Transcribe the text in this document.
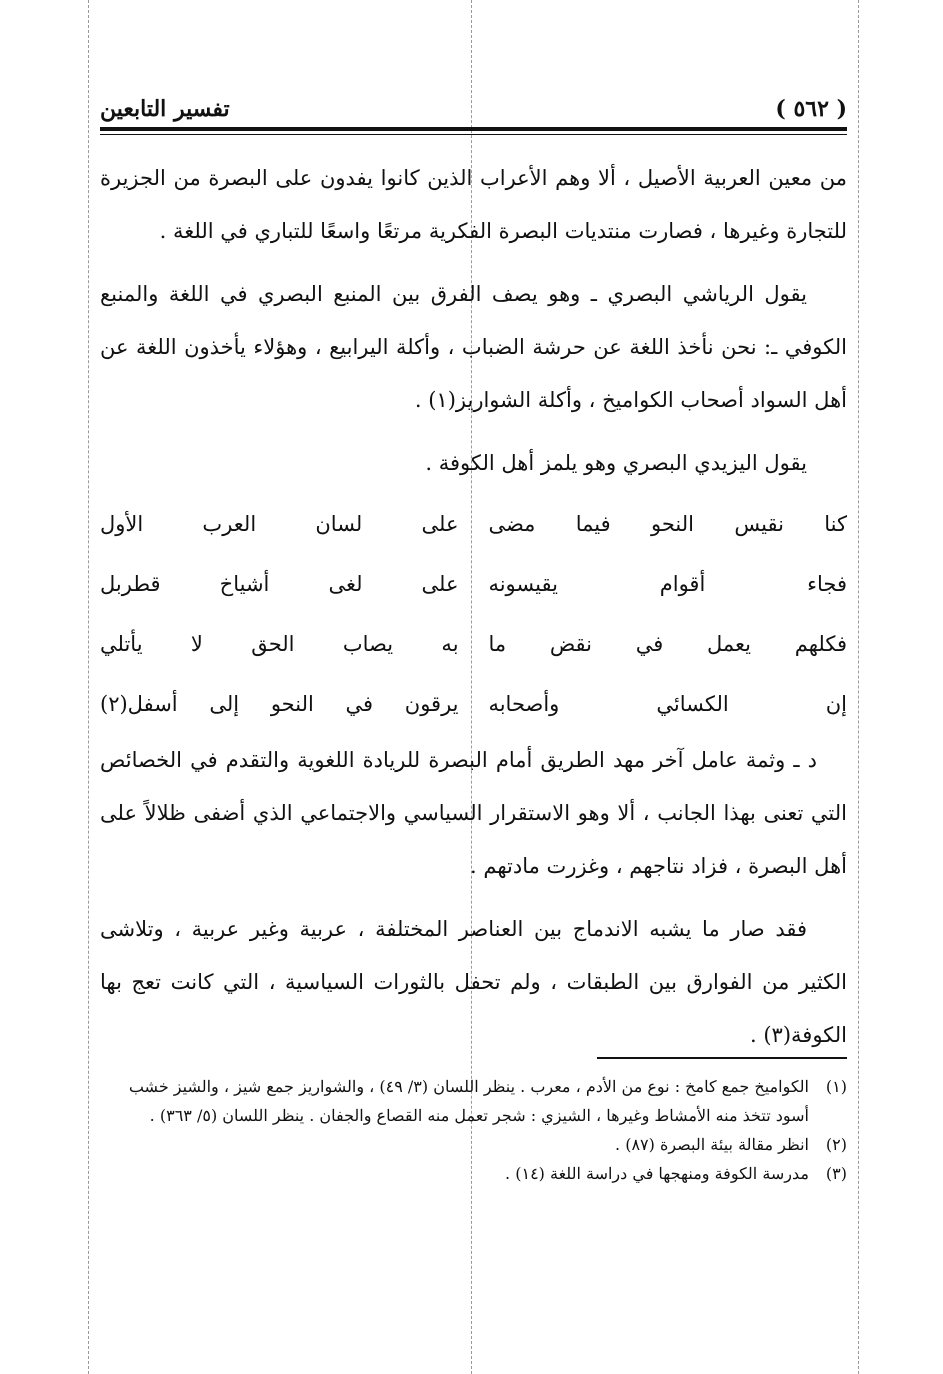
( ٥٦٢ )
تفسير التابعين

من معين العربية الأصيل ، ألا وهم الأعراب الذين كانوا يفدون على البصرة من الجزيرة للتجارة وغيرها ، فصارت منتديات البصرة الفكرية مرتعًا واسعًا للتباري في اللغة .

يقول الرياشي البصري ـ وهو يصف الفرق بين المنبع البصري في اللغة والمنبع الكوفي ـ: نحن نأخذ اللغة عن حرشة الضباب ، وأكلة اليرابيع ، وهؤلاء يأخذون اللغة عن أهل السواد أصحاب الكواميخ ، وأكلة الشواريز(١) .

يقول اليزيدي البصري وهو يلمز أهل الكوفة .

كنا نقيس النحو فيما مضى
على لسان العرب الأول
فجاء أقوام يقيسونه
على لغى أشياخ قطربل
فكلهم يعمل في نقض ما
به يصاب الحق لا يأتلي
إن الكسائي وأصحابه
يرقون في النحو إلى أسفل(٢)

د ـ وثمة عامل آخر مهد الطريق أمام البصرة للريادة اللغوية والتقدم في الخصائص التي تعنى بهذا الجانب ، ألا وهو الاستقرار السياسي والاجتماعي الذي أضفى ظلالاً على أهل البصرة ، فزاد نتاجهم ، وغزرت مادتهم .

فقد صار ما يشبه الاندماج بين العناصر المختلفة ، عربية وغير عربية ، وتلاشى الكثير من الفوارق بين الطبقات ، ولم تحفل بالثورات السياسية ، التي كانت تعج بها الكوفة(٣) .

(١)
الكواميخ جمع كامخ : نوع من الأدم ، معرب . ينظر اللسان (٣/ ٤٩) ، والشواريز جمع شيز ، والشيز خشب أسود تتخذ منه الأمشاط وغيرها ، الشيزي : شجر تعمل منه القصاع والجفان . ينظر اللسان (٥/ ٣٦٣) .
(٢)
انظر مقالة بيئة البصرة (٨٧) .
(٣)
مدرسة الكوفة ومنهجها في دراسة اللغة (١٤) .
